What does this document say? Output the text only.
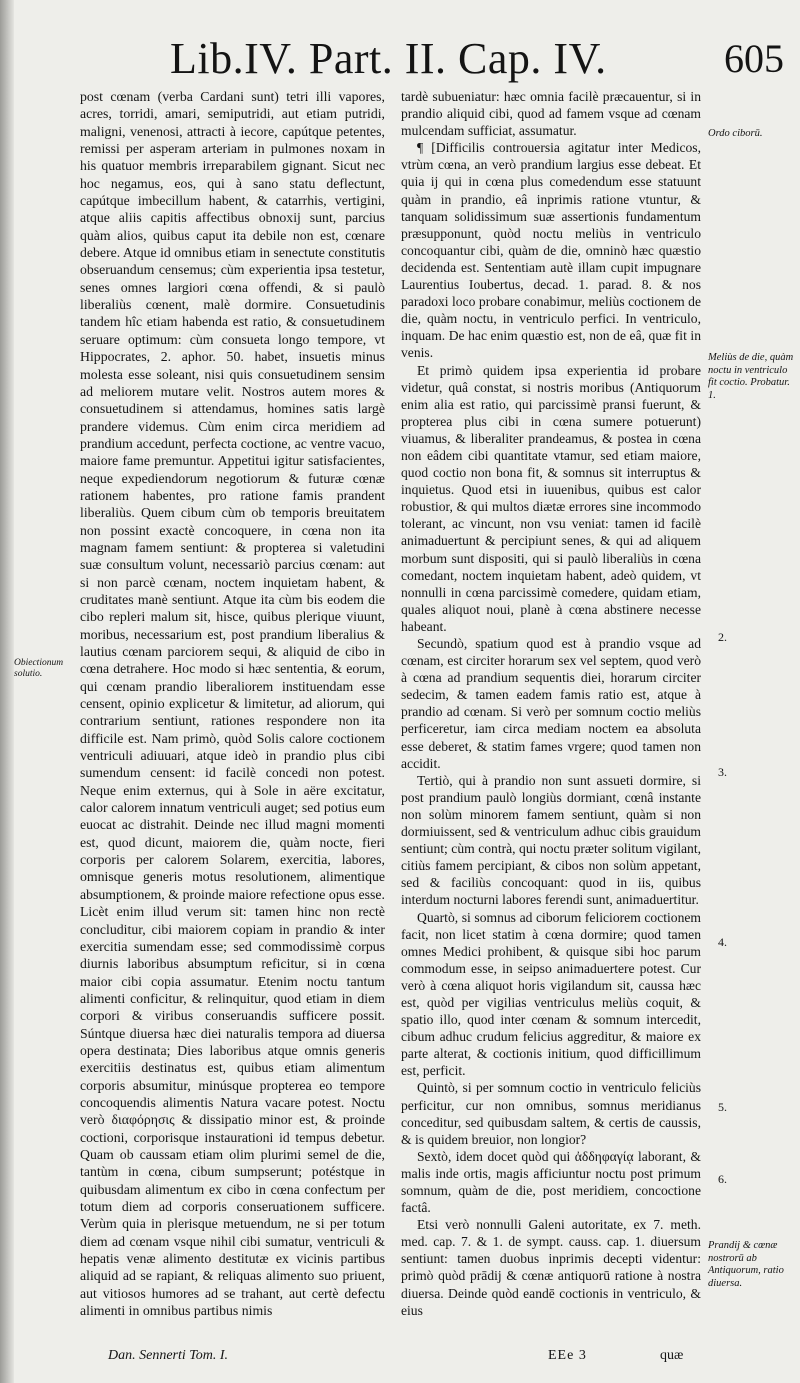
Lib.IV. Part. II. Cap. IV.	605

post cœnam (verba Cardani sunt) tetri illi vapores, acres, torridi, amari, semiputridi, aut etiam putridi, maligni, venenosi, attracti à iecore, capútque petentes, remissi per asperam arteriam in pulmones noxam in his quatuor membris irreparabilem gignant. Sicut nec hoc negamus, eos, qui à sano statu deflectunt, capútque imbecillum habent, & catarrhis, vertigini, atque aliis capitis affectibus obnoxij sunt, parcius quàm alios, quibus caput ita debile non est, cœnare debere. Atque id omnibus etiam in senectute constitutis obseruandum censemus; cùm experientia ipsa testetur, senes omnes largiori cœna offendi, & si paulò liberaliùs cœnent, malè dormire. Consuetudinis tandem hîc etiam habenda est ratio, & consuetudinem seruare optimum: cùm consueta longo tempore, vt Hippocrates, 2. aphor. 50. habet, insuetis minus molesta esse soleant, nisi quis consuetudinem sensim ad meliorem mutare velit. Nostros autem mores & consuetudinem si attendamus, homines satis largè prandere videmus. Cùm enim circa meridiem ad prandium accedunt, perfecta coctione, ac ventre vacuo, maiore fame premuntur. Appetitui igitur satisfacientes, neque expediendorum negotiorum & futuræ cœnæ rationem habentes, pro ratione famis prandent liberaliùs. Quem cibum cùm ob temporis breuitatem non possint exactè concoquere, in cœna non ita magnam famem sentiunt: & propterea si valetudini suæ consultum volunt, necessariò parcius cœnam: aut si non parcè cœnam, noctem inquietam habent, & cruditates manè sentiunt. Atque ita cùm bis eodem die cibo repleri malum sit, hisce, quibus plerique viuunt, moribus, necessarium est, post prandium liberalius & lautius cœnam parciorem sequi, & aliquid de cibo in cœna detrahere. Hoc modo si hæc sententia, & eorum, qui cœnam prandio liberaliorem instituendam esse censent, opinio explicetur & limitetur, ad aliorum, qui contrarium sentiunt, rationes respondere non ita difficile est. Nam primò, quòd Solis calore coctionem ventriculi adiuuari, atque ideò in prandio plus cibi sumendum censent: id facilè concedi non potest. Neque enim externus, qui à Sole in aëre excitatur, calor calorem innatum ventriculi auget; sed potius eum euocat ac distrahit. Deinde nec illud magni momenti est, quod dicunt, maiorem die, quàm nocte, fieri corporis per calorem Solarem, exercitia, labores, omnisque generis motus resolutionem, alimentique absumptionem, & proinde maiore refectione opus esse. Licèt enim illud verum sit: tamen hinc non rectè concluditur, cibi maiorem copiam in prandio & inter exercitia sumendam esse; sed commodissimè corpus diurnis laboribus absumptum reficitur, si in cœna maior cibi copia assumatur. Etenim noctu tantum alimenti conficitur, & relinquitur, quod etiam in diem corpori & viribus conseruandis sufficere possit. Súntque diuersa hæc diei naturalis tempora ad diuersa opera destinata; Dies laboribus atque omnis generis exercitiis destinatus est, quibus etiam alimentum corporis absumitur, minúsque propterea eo tempore concoquendis alimentis Natura vacare potest. Noctu verò διαφόρησις & dissipatio minor est, & proinde coctioni, corporisque instaurationi id tempus debetur. Quam ob caussam etiam olim plurimi semel de die, tantùm in cœna, cibum sumpserunt; potéstque in quibusdam alimentum ex cibo in cœna confectum per totum diem ad corporis conseruationem sufficere. Verùm quia in plerisque metuendum, ne si per totum diem ad cœnam vsque nihil cibi sumatur, ventriculi & hepatis venæ alimento destitutæ ex vicinis partibus aliquid ad se rapiant, & reliquas alimento suo priuent, aut vitiosos humores ad se trahant, aut certè defectu alimenti in omnibus partibus nimis

tardè subueniatur: hæc omnia facilè præcauentur, si in prandio aliquid cibi, quod ad famem vsque ad cœnam mulcendam sufficiat, assumatur.

¶ [Difficilis controuersia agitatur inter Medicos, vtrùm cœna, an verò prandium largius esse debeat. Et quia ij qui in cœna plus comedendum esse statuunt quàm in prandio, eâ inprimis ratione vtuntur, & tanquam solidissimum suæ assertionis fundamentum præsupponunt, quòd noctu meliùs in ventriculo concoquantur cibi, quàm de die, omninò hæc quæstio decidenda est. Sententiam autè illam cupit impugnare Laurentius Ioubertus, decad. 1. parad. 8. & nos paradoxi loco probare conabimur, meliùs coctionem de die, quàm noctu, in ventriculo perfici. In ventriculo, inquam. De hac enim quæstio est, non de eâ, quæ fit in venis.

Et primò quidem ipsa experientia id probare videtur, quâ constat, si nostris moribus (Antiquorum enim alia est ratio, qui parcissimè pransi fuerunt, & propterea plus cibi in cœna sumere potuerunt) viuamus, & liberaliter prandeamus, & postea in cœna non eâdem cibi quantitate vtamur, sed etiam maiore, quod coctio non bona fit, & somnus sit interruptus & inquietus. Quod etsi in iuuenibus, quibus est calor robustior, & qui multos diætæ errores sine incommodo tolerant, ac vincunt, non vsu veniat: tamen id facilè animaduertunt & percipiunt senes, & qui ad aliquem morbum sunt dispositi, qui si paulò liberaliùs in cœna comedant, noctem inquietam habent, adeò quidem, vt nonnulli in cœna parcissimè comedere, quidam etiam, quales aliquot noui, planè à cœna abstinere necesse habeant.

Secundò, spatium quod est à prandio vsque ad cœnam, est circiter horarum sex vel septem, quod verò à cœna ad prandium sequentis diei, horarum circiter sedecim, & tamen eadem famis ratio est, atque à prandio ad cœnam. Si verò per somnum coctio meliùs perficeretur, iam circa mediam noctem ea absoluta esse deberet, & statim fames vrgere; quod tamen non accidit.

Tertiò, qui à prandio non sunt assueti dormire, si post prandium paulò longiùs dormiant, cœnâ instante non solùm minorem famem sentiunt, quàm si non dormiuissent, sed & ventriculum adhuc cibis grauidum sentiunt; cùm contrà, qui noctu præter solitum vigilant, citiùs famem percipiant, & cibos non solùm appetant, sed & faciliùs concoquant: quod in iis, quibus interdum nocturni labores ferendi sunt, animaduertitur.

Quartò, si somnus ad ciborum feliciorem coctionem facit, non licet statim à cœna dormire; quod tamen omnes Medici prohibent, & quisque sibi hoc parum commodum esse, in seipso animaduertere potest. Cur verò à cœna aliquot horis vigilandum sit, caussa hæc est, quòd per vigilias ventriculus meliùs coquit, & spatio illo, quod inter cœnam & somnum intercedit, cibum adhuc crudum felicius aggreditur, & maiore ex parte alterat, & coctionis initium, quod difficillimum est, perficit.

Quintò, si per somnum coctio in ventriculo feliciùs perficitur, cur non omnibus, somnus meridianus conceditur, sed quibusdam saltem, & certis de caussis, & is quidem breuior, non longior?

Sextò, idem docet quòd qui ἀδδηφαγίᾳ laborant, & malis inde ortis, magis afficiuntur noctu post primum somnum, quàm de die, post meridiem, concoctione factâ.

Etsi verò nonnulli Galeni autoritate, ex 7. meth. med. cap. 7. & 1. de sympt. causs. cap. 1. diuersum sentiunt: tamen duobus inprimis decepti videntur: primò quòd prādij & cœnæ antiquorū ratione à nostra diuersa. Deinde quòd eandē coctionis in ventriculo, & eius

Obiectionum solutio.
Ordo ciborū.
Meliùs de die, quàm noctu in ventriculo fit coctio. Probatur. 1.
Prandij & cœnæ nostrorū ab Antiquorum, ratio diuersa.
2.
3.
4.
5.
6.
Dan. Sennerti Tom. I.	EEe 3	quæ
